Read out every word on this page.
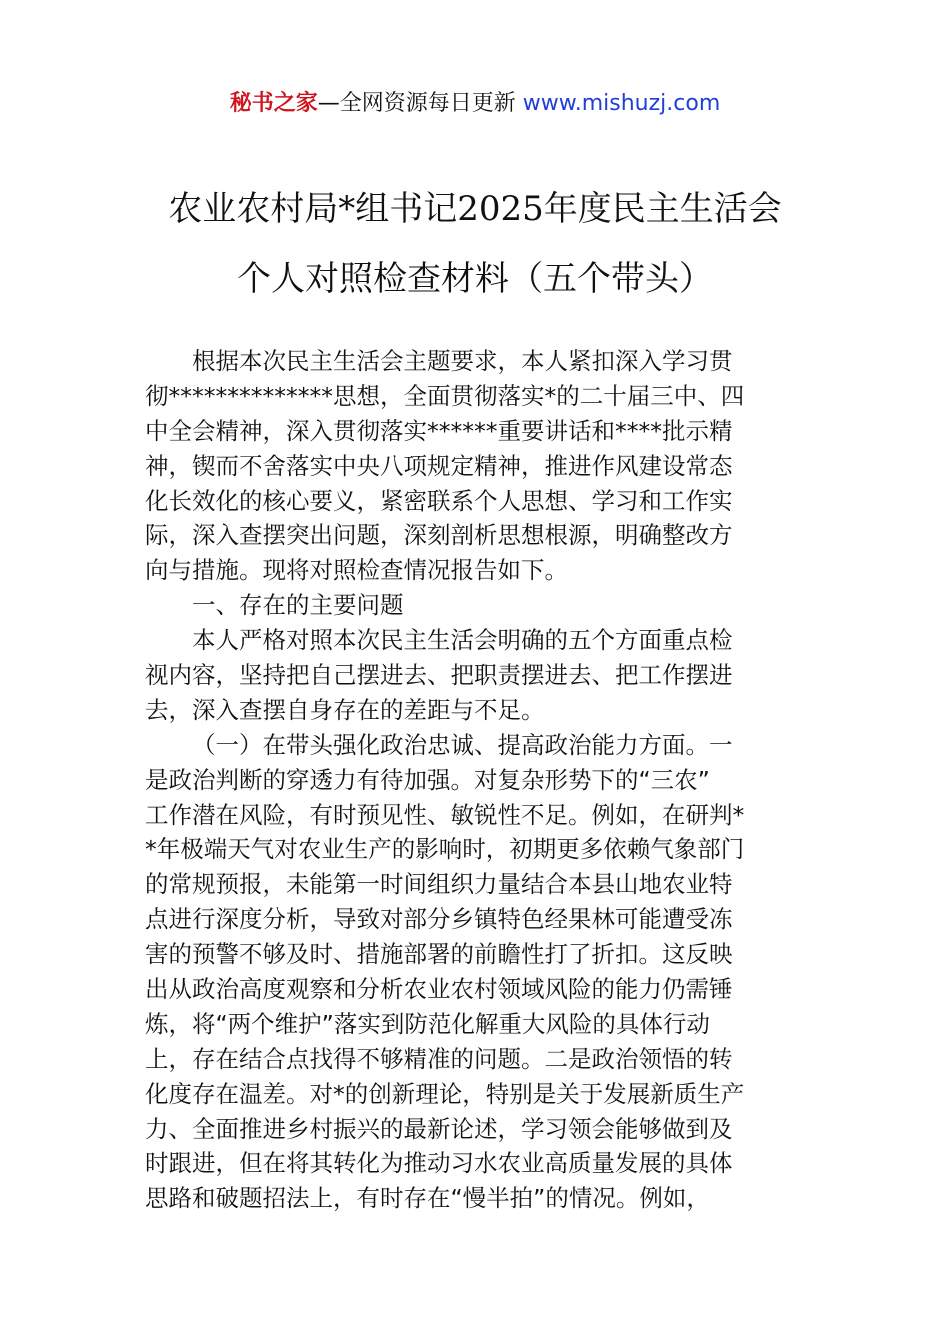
秘书之家—全网资源每日更新 www.mishuzj.com
农业农村局*组书记2025年度民主生活会
个人对照检查材料（五个带头）
根据本次民主生活会主题要求，本人紧扣深入学习贯
彻**************思想，全面贯彻落实*的二十届三中、四
中全会精神，深入贯彻落实******重要讲话和****批示精
神，锲而不舍落实中央八项规定精神，推进作风建设常态
化长效化的核心要义，紧密联系个人思想、学习和工作实
际，深入查摆突出问题，深刻剖析思想根源，明确整改方
向与措施。现将对照检查情况报告如下。
一、存在的主要问题
本人严格对照本次民主生活会明确的五个方面重点检
视内容，坚持把自己摆进去、把职责摆进去、把工作摆进
去，深入查摆自身存在的差距与不足。
（一）在带头强化政治忠诚、提高政治能力方面。一
是政治判断的穿透力有待加强。对复杂形势下的“三农”
工作潜在风险，有时预见性、敏锐性不足。例如，在研判*
*年极端天气对农业生产的影响时，初期更多依赖气象部门
的常规预报，未能第一时间组织力量结合本县山地农业特
点进行深度分析，导致对部分乡镇特色经果林可能遭受冻
害的预警不够及时、措施部署的前瞻性打了折扣。这反映
出从政治高度观察和分析农业农村领域风险的能力仍需锤
炼，将“两个维护”落实到防范化解重大风险的具体行动
上，存在结合点找得不够精准的问题。二是政治领悟的转
化度存在温差。对*的创新理论，特别是关于发展新质生产
力、全面推进乡村振兴的最新论述，学习领会能够做到及
时跟进，但在将其转化为推动习水农业高质量发展的具体
思路和破题招法上，有时存在“慢半拍”的情况。例如，
